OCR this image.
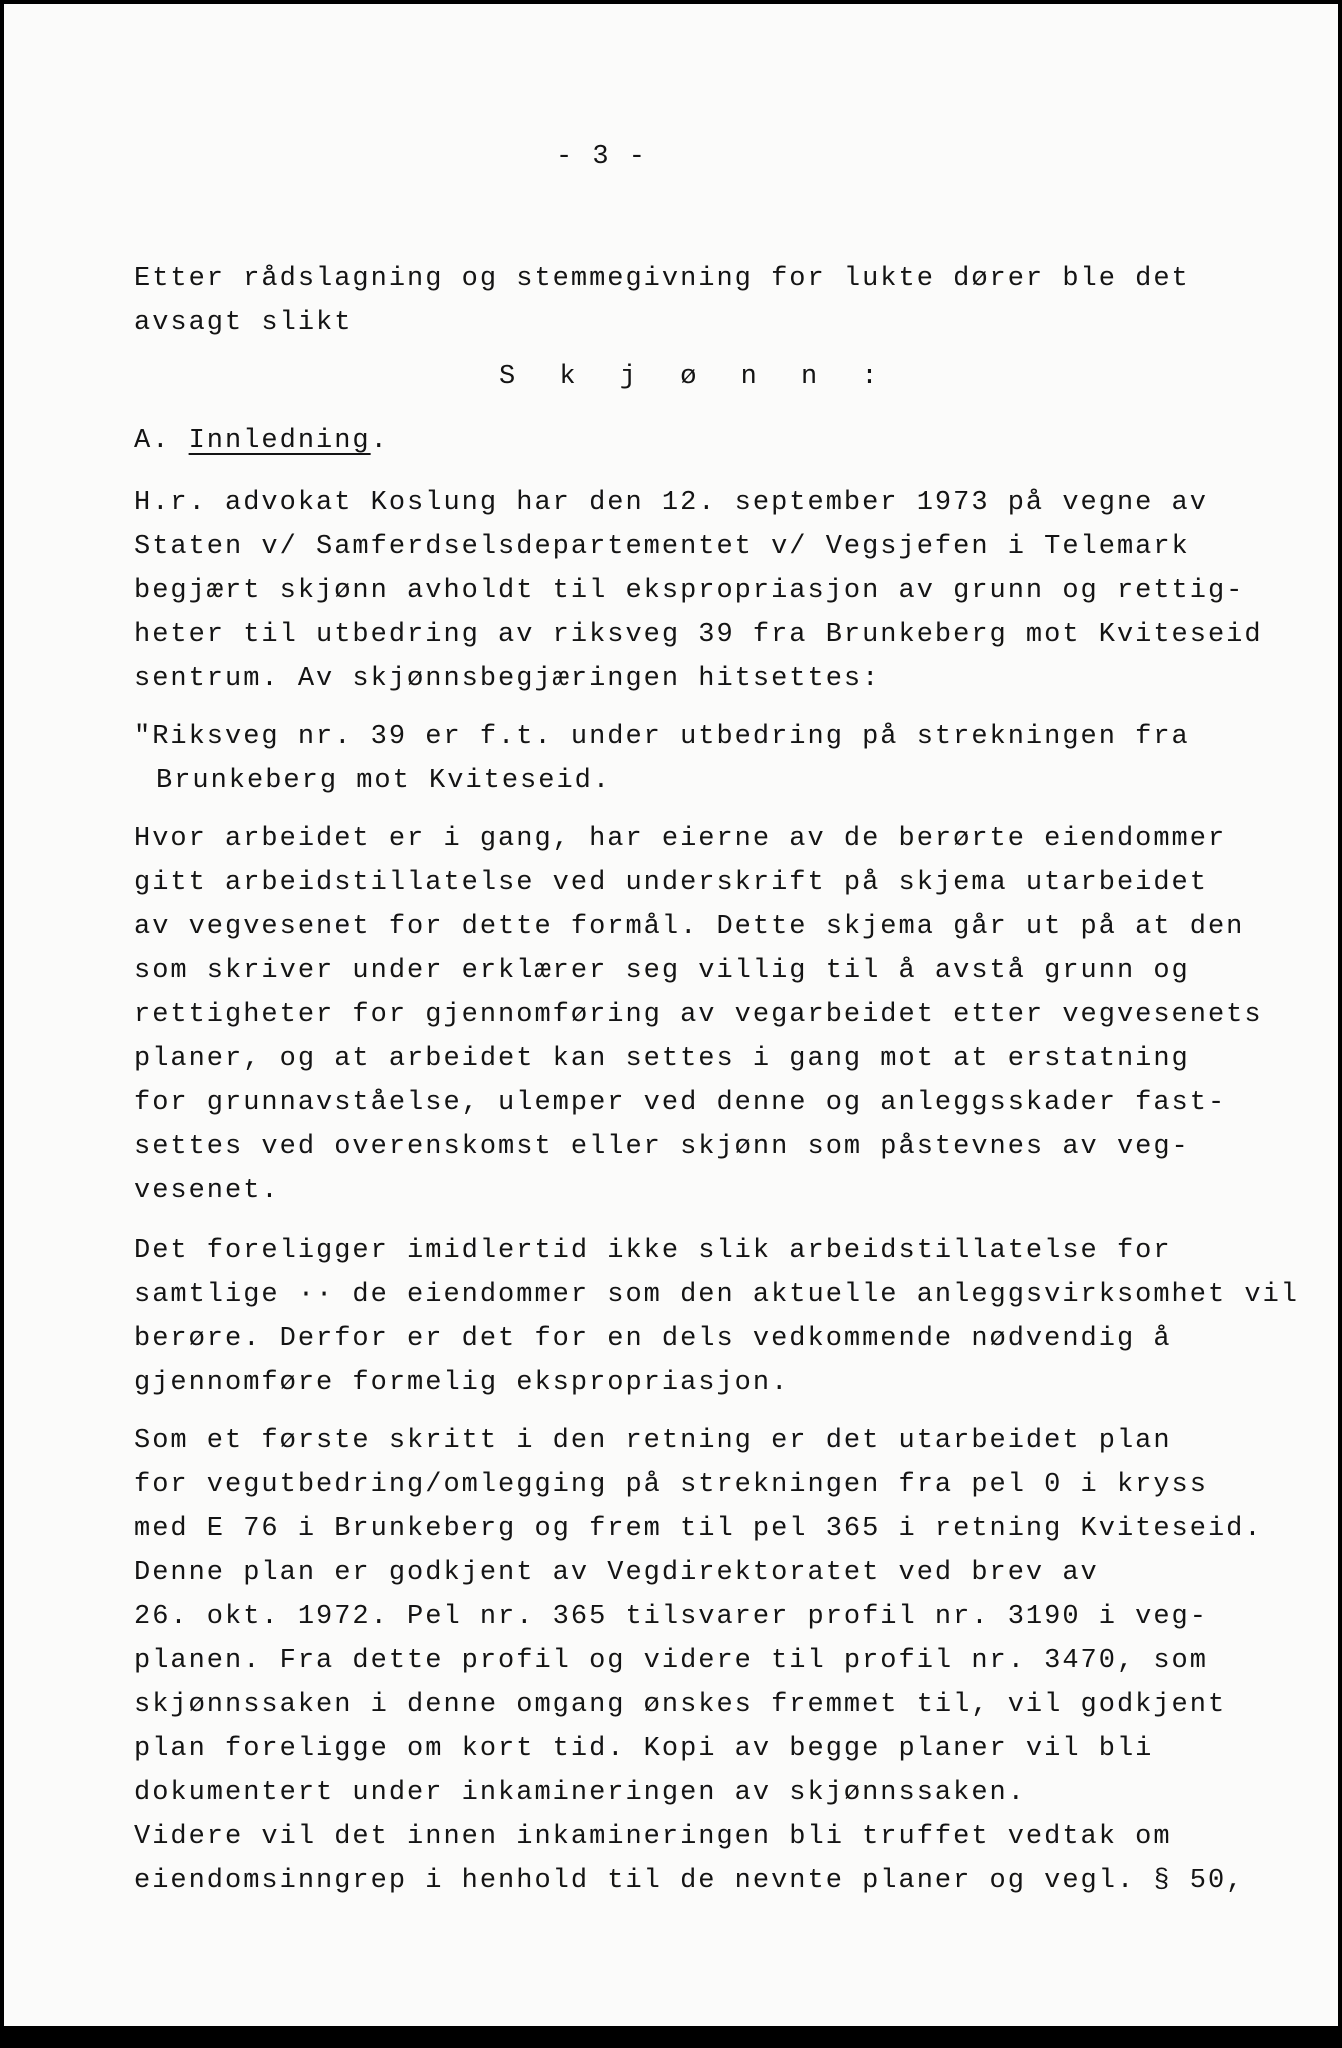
- 3 -
Etter rådslagning og stemmegivning for lukte dører ble det
avsagt slikt
S k j ø n n :
A. Innledning.
H.r. advokat Koslung har den 12. september 1973 på vegne av
Staten v/ Samferdselsdepartementet v/ Vegsjefen i Telemark
begjært skjønn avholdt til ekspropriasjon av grunn og rettig-
heter til utbedring av riksveg 39 fra Brunkeberg mot Kviteseid
sentrum. Av skjønnsbegjæringen hitsettes:
"Riksveg nr. 39 er f.t. under utbedring på strekningen fra
Brunkeberg mot Kviteseid.
Hvor arbeidet er i gang, har eierne av de berørte eiendommer
gitt arbeidstillatelse ved underskrift på skjema utarbeidet
av vegvesenet for dette formål. Dette skjema går ut på at den
som skriver under erklærer seg villig til å avstå grunn og
rettigheter for gjennomføring av vegarbeidet etter vegvesenets
planer, og at arbeidet kan settes i gang mot at erstatning
for grunnavståelse, ulemper ved denne og anleggsskader fast-
settes ved overenskomst eller skjønn som påstevnes av veg-
vesenet.
Det foreligger imidlertid ikke slik arbeidstillatelse for
samtlige ·· de eiendommer som den aktuelle anleggsvirksomhet vil
berøre. Derfor er det for en dels vedkommende nødvendig å
gjennomføre formelig ekspropriasjon.
Som et første skritt i den retning er det utarbeidet plan
for vegutbedring/omlegging på strekningen fra pel 0 i kryss
med E 76 i Brunkeberg og frem til pel 365 i retning Kviteseid.
Denne plan er godkjent av Vegdirektoratet ved brev av
26. okt. 1972. Pel nr. 365 tilsvarer profil nr. 3190 i veg-
planen. Fra dette profil og videre til profil nr. 3470, som
skjønnssaken i denne omgang ønskes fremmet til, vil godkjent
plan foreligge om kort tid. Kopi av begge planer vil bli
dokumentert under inkamineringen av skjønnssaken.
Videre vil det innen inkamineringen bli truffet vedtak om
eiendomsinngrep i henhold til de nevnte planer og vegl. § 50,
